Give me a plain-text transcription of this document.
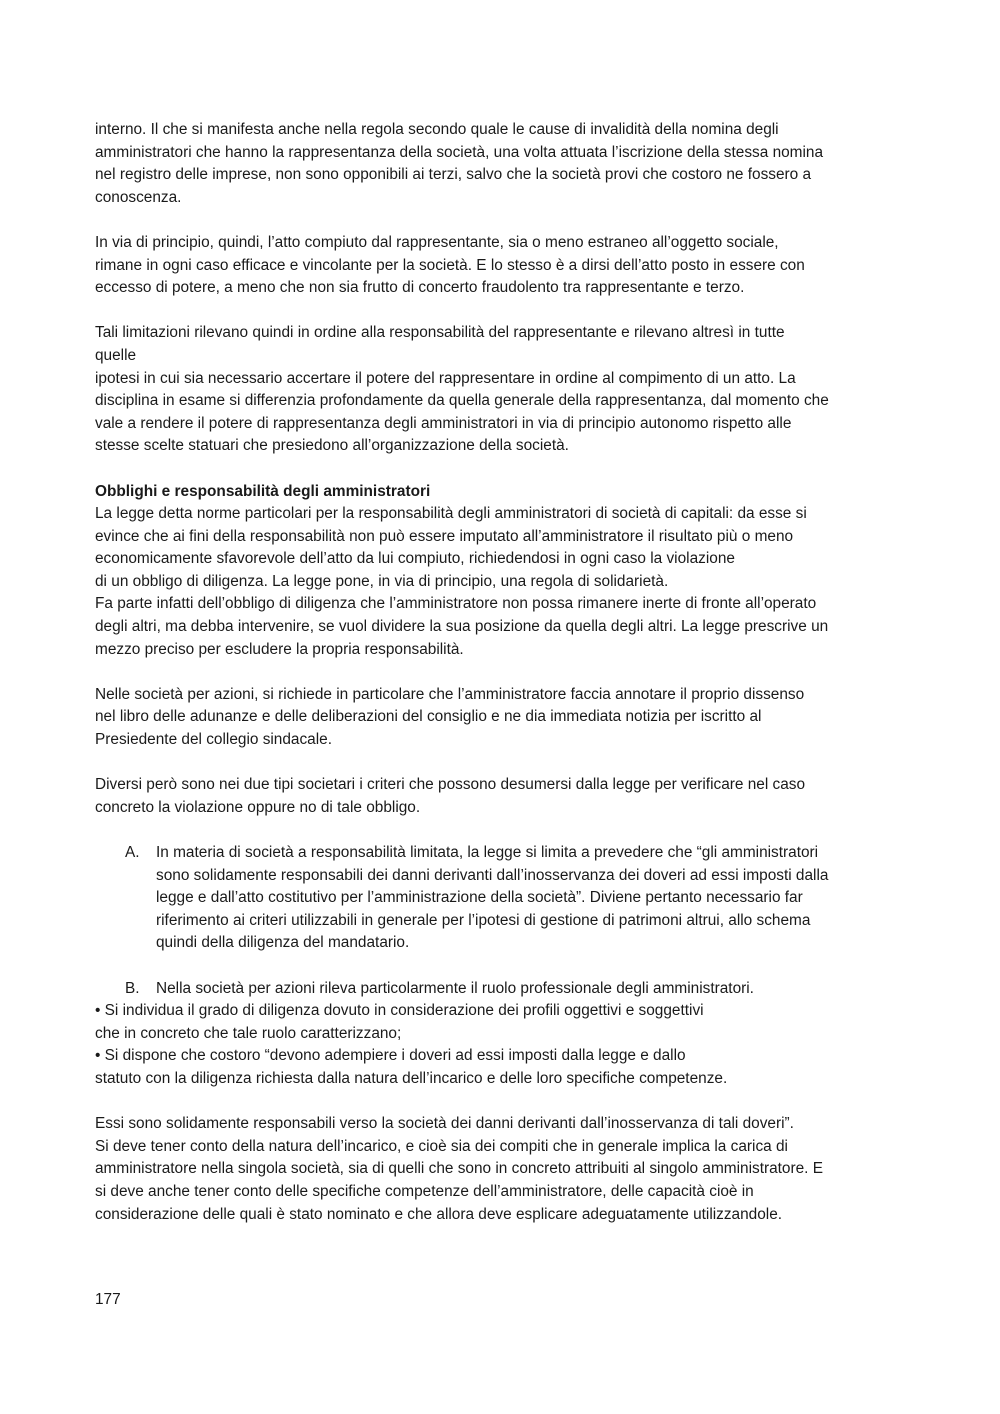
interno. Il che si manifesta anche nella regola secondo quale le cause di invalidità della nomina degli
amministratori che hanno la rappresentanza della società, una volta attuata l’iscrizione della stessa nomina
nel registro delle imprese, non sono opponibili ai terzi, salvo che la società provi che costoro ne fossero a
conoscenza.
In via di principio, quindi, l’atto compiuto dal rappresentante, sia o meno estraneo all’oggetto sociale,
rimane in ogni caso efficace e vincolante per la società. E lo stesso è a dirsi dell’atto posto in essere con
eccesso di potere, a meno che non sia frutto di concerto fraudolento tra rappresentante e terzo.
Tali limitazioni rilevano quindi in ordine alla responsabilità del rappresentante e rilevano altresì in tutte
quelle
ipotesi in cui sia necessario accertare il potere del rappresentare in ordine al compimento di un atto. La
disciplina in esame si differenzia profondamente da quella generale della rappresentanza, dal momento che
vale a rendere il potere di rappresentanza degli amministratori in via di principio autonomo rispetto alle
stesse scelte statuari che presiedono all’organizzazione della società.
Obblighi e responsabilità degli amministratori
La legge detta norme particolari per la responsabilità degli amministratori di società di capitali: da esse si
evince che ai fini della responsabilità non può essere imputato all’amministratore il risultato più o meno
economicamente sfavorevole dell’atto da lui compiuto, richiedendosi in ogni caso la violazione
di un obbligo di diligenza. La legge pone, in via di principio, una regola di solidarietà.
Fa parte infatti dell’obbligo di diligenza che l’amministratore non possa rimanere inerte di fronte all’operato
degli altri, ma debba intervenire, se vuol dividere la sua posizione da quella degli altri. La legge prescrive un
mezzo preciso per escludere la propria responsabilità.
Nelle società per azioni, si richiede in particolare che l’amministratore faccia annotare il proprio dissenso
nel libro delle adunanze e delle deliberazioni del consiglio e ne dia immediata notizia per iscritto al
Presiedente del collegio sindacale.
Diversi però sono nei due tipi societari i criteri che possono desumersi dalla legge per verificare nel caso
concreto la violazione oppure no di tale obbligo.
A. In materia di società a responsabilità limitata, la legge si limita a prevedere che “gli amministratori
sono solidamente responsabili dei danni derivanti dall’inosservanza dei doveri ad essi imposti dalla
legge e dall’atto costitutivo per l’amministrazione della società”. Diviene pertanto necessario far
riferimento ai criteri utilizzabili in generale per l’ipotesi di gestione di patrimoni altrui, allo schema
quindi della diligenza del mandatario.
B. Nella società per azioni rileva particolarmente il ruolo professionale degli amministratori.
• Si individua il grado di diligenza dovuto in considerazione dei profili oggettivi e soggettivi
che in concreto che tale ruolo caratterizzano;
• Si dispone che costoro “devono adempiere i doveri ad essi imposti dalla legge e dallo
statuto con la diligenza richiesta dalla natura dell’incarico e delle loro specifiche competenze.
Essi sono solidamente responsabili verso la società dei danni derivanti dall’inosservanza di tali doveri”.
Si deve tener conto della natura dell’incarico, e cioè sia dei compiti che in generale implica la carica di
amministratore nella singola società, sia di quelli che sono in concreto attribuiti al singolo amministratore. E
si deve anche tener conto delle specifiche competenze dell’amministratore, delle capacità cioè in
considerazione delle quali è stato nominato e che allora deve esplicare adeguatamente utilizzandole.
177
